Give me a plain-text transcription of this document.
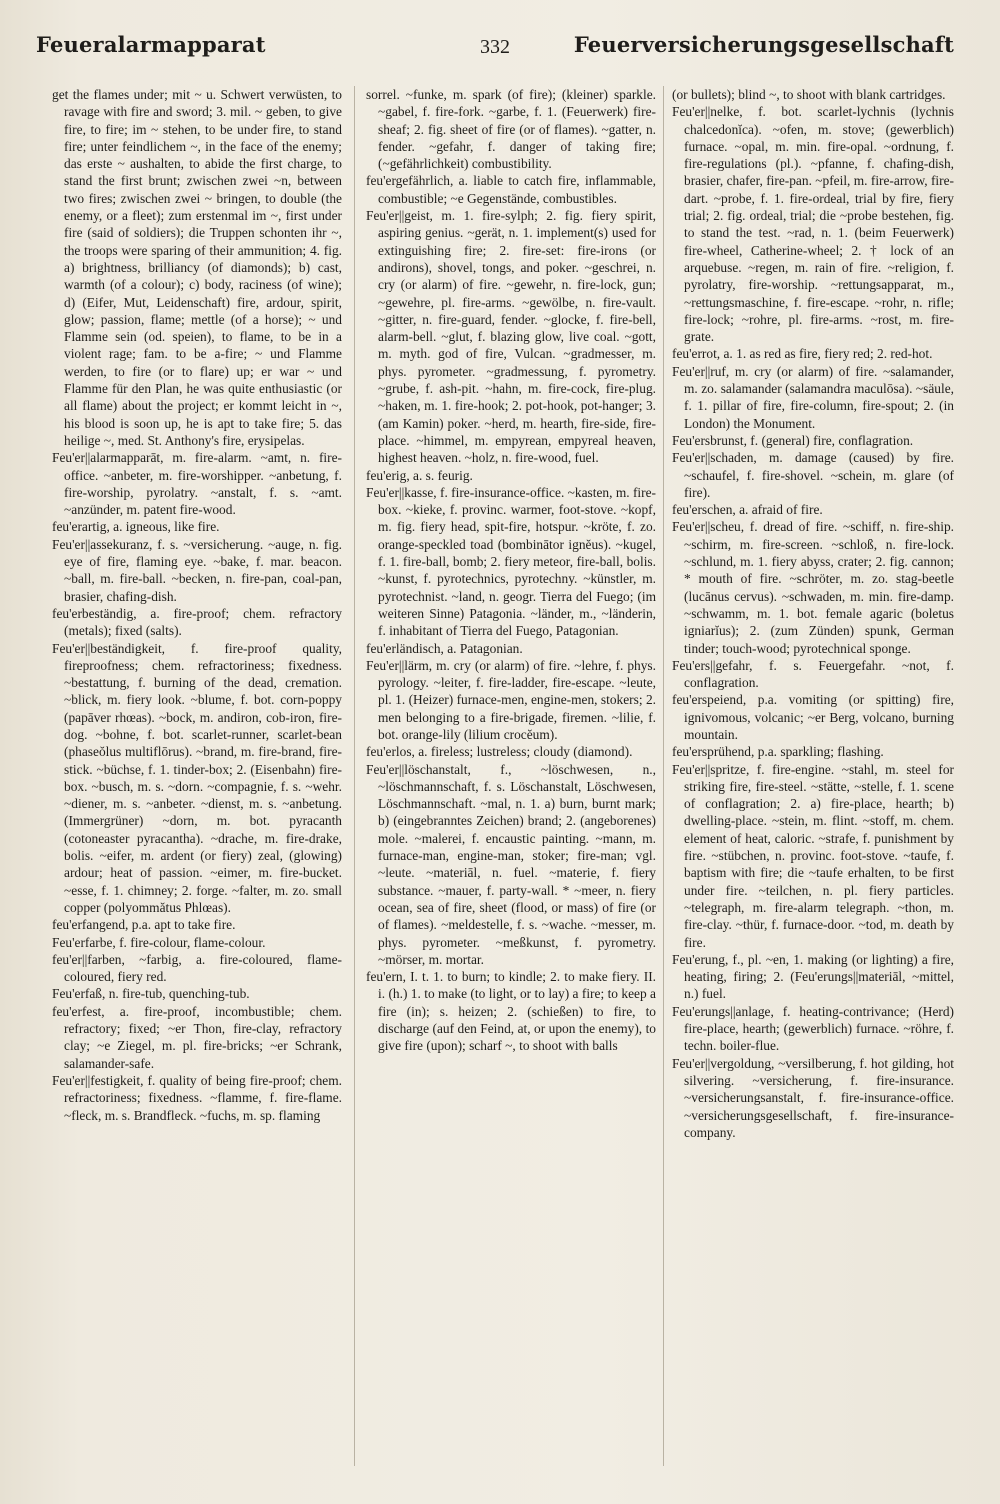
Feueralarmapparat	332	Feuerversicherungsgesellschaft

get the flames under; mit ~ u. Schwert verwüsten, to ravage with fire and sword; 3. mil. ~ geben, to give fire, to fire; im ~ stehen, to be under fire, to stand fire; unter feindlichem ~, in the face of the enemy; das erste ~ aushalten, to abide the first charge, to stand the first brunt; zwischen zwei ~n, between two fires; zwischen zwei ~ bringen, to double (the enemy, or a fleet); zum erstenmal im ~, first under fire (said of soldiers); die Truppen schonten ihr ~, the troops were sparing of their ammunition; 4. fig. a) brightness, brilliancy (of diamonds); b) cast, warmth (of a colour); c) body, raciness (of wine); d) (Eifer, Mut, Leidenschaft) fire, ardour, spirit, glow; passion, flame; mettle (of a horse); ~ und Flamme sein (od. speien), to flame, to be in a violent rage; fam. to be a-fire; ~ und Flamme werden, to fire (or to flare) up; er war ~ und Flamme für den Plan, he was quite enthusiastic (or all flame) about the project; er kommt leicht in ~, his blood is soon up, he is apt to take fire; 5. das heilige ~, med. St. Anthony's fire, erysipelas.

Feu'er||alarmapparāt, m. fire-alarm. ~amt, n. fire-office. ~anbeter, m. fire-worshipper. ~anbetung, f. fire-worship, pyrolatry. ~anstalt, f. s. ~amt. ~anzünder, m. patent fire-wood.

feu'erartig, a. igneous, like fire.

Feu'er||assekuranz, f. s. ~versicherung. ~auge, n. fig. eye of fire, flaming eye. ~bake, f. mar. beacon. ~ball, m. fire-ball. ~becken, n. fire-pan, coal-pan, brasier, chafing-dish.

feu'erbeständig, a. fire-proof; chem. refractory (metals); fixed (salts).

Feu'er||beständigkeit, f. fire-proof quality, fireproofness; chem. refractoriness; fixedness. ~bestattung, f. burning of the dead, cremation. ~blick, m. fiery look. ~blume, f. bot. corn-poppy (papāver rhœas). ~bock, m. andiron, cob-iron, fire-dog. ~bohne, f. bot. scarlet-runner, scarlet-bean (phaseŏlus multiflōrus). ~brand, m. fire-brand, fire-stick. ~büchse, f. 1. tinder-box; 2. (Eisenbahn) fire-box. ~busch, m. s. ~dorn. ~compagnie, f. s. ~wehr. ~diener, m. s. ~anbeter. ~dienst, m. s. ~anbetung. (Immergrüner) ~dorn, m. bot. pyracanth (cotoneaster pyracantha). ~drache, m. fire-drake, bolis. ~eifer, m. ardent (or fiery) zeal, (glowing) ardour; heat of passion. ~eimer, m. fire-bucket. ~esse, f. 1. chimney; 2. forge. ~falter, m. zo. small copper (polyommătus Phlœas).

feu'erfangend, p.a. apt to take fire.

Feu'erfarbe, f. fire-colour, flame-colour.

feu'er||farben, ~farbig, a. fire-coloured, flame-coloured, fiery red.

Feu'erfaß, n. fire-tub, quenching-tub.

feu'erfest, a. fire-proof, incombustible; chem. refractory; fixed; ~er Thon, fire-clay, refractory clay; ~e Ziegel, m. pl. fire-bricks; ~er Schrank, salamander-safe.

Feu'er||festigkeit, f. quality of being fire-proof; chem. refractoriness; fixedness. ~flamme, f. fire-flame. ~fleck, m. s. Brandfleck. ~fuchs, m. sp. flaming

sorrel. ~funke, m. spark (of fire); (kleiner) sparkle. ~gabel, f. fire-fork. ~garbe, f. 1. (Feuerwerk) fire-sheaf; 2. fig. sheet of fire (or of flames). ~gatter, n. fender. ~gefahr, f. danger of taking fire; (~gefährlichkeit) combustibility.

feu'ergefährlich, a. liable to catch fire, inflammable, combustible; ~e Gegenstände, combustibles.

Feu'er||geist, m. 1. fire-sylph; 2. fig. fiery spirit, aspiring genius. ~gerät, n. 1. implement(s) used for extinguishing fire; 2. fire-set: fire-irons (or andirons), shovel, tongs, and poker. ~geschrei, n. cry (or alarm) of fire. ~gewehr, n. fire-lock, gun; ~gewehre, pl. fire-arms. ~gewölbe, n. fire-vault. ~gitter, n. fire-guard, fender. ~glocke, f. fire-bell, alarm-bell. ~glut, f. blazing glow, live coal. ~gott, m. myth. god of fire, Vulcan. ~gradmesser, m. phys. pyrometer. ~gradmessung, f. pyrometry. ~grube, f. ash-pit. ~hahn, m. fire-cock, fire-plug. ~haken, m. 1. fire-hook; 2. pot-hook, pot-hanger; 3. (am Kamin) poker. ~herd, m. hearth, fire-side, fire-place. ~himmel, m. empyrean, empyreal heaven, highest heaven. ~holz, n. fire-wood, fuel.

feu'erig, a. s. feurig.

Feu'er||kasse, f. fire-insurance-office. ~kasten, m. fire-box. ~kieke, f. provinc. warmer, foot-stove. ~kopf, m. fig. fiery head, spit-fire, hotspur. ~kröte, f. zo. orange-speckled toad (bombinātor ignĕus). ~kugel, f. 1. fire-ball, bomb; 2. fiery meteor, fire-ball, bolis. ~kunst, f. pyrotechnics, pyrotechny. ~künstler, m. pyrotechnist. ~land, n. geogr. Tierra del Fuego; (im weiteren Sinne) Patagonia. ~länder, m., ~länderin, f. inhabitant of Tierra del Fuego, Patagonian.

feu'erländisch, a. Patagonian.

Feu'er||lärm, m. cry (or alarm) of fire. ~lehre, f. phys. pyrology. ~leiter, f. fire-ladder, fire-escape. ~leute, pl. 1. (Heizer) furnace-men, engine-men, stokers; 2. men belonging to a fire-brigade, firemen. ~lilie, f. bot. orange-lily (lilium crocĕum).

feu'erlos, a. fireless; lustreless; cloudy (diamond).

Feu'er||löschanstalt, f., ~löschwesen, n., ~löschmannschaft, f. s. Löschanstalt, Löschwesen, Löschmannschaft. ~mal, n. 1. a) burn, burnt mark; b) (eingebranntes Zeichen) brand; 2. (angeborenes) mole. ~malerei, f. encaustic painting. ~mann, m. furnace-man, engine-man, stoker; fire-man; vgl. ~leute. ~materiāl, n. fuel. ~materie, f. fiery substance. ~mauer, f. party-wall. * ~meer, n. fiery ocean, sea of fire, sheet (flood, or mass) of fire (or of flames). ~meldestelle, f. s. ~wache. ~messer, m. phys. pyrometer. ~meßkunst, f. pyrometry. ~mörser, m. mortar.

feu'ern, I. t. 1. to burn; to kindle; 2. to make fiery. II. i. (h.) 1. to make (to light, or to lay) a fire; to keep a fire (in); s. heizen; 2. (schießen) to fire, to discharge (auf den Feind, at, or upon the enemy), to give fire (upon); scharf ~, to shoot with balls

(or bullets); blind ~, to shoot with blank cartridges.

Feu'er||nelke, f. bot. scarlet-lychnis (lychnis chalcedonĭca). ~ofen, m. stove; (gewerblich) furnace. ~opal, m. min. fire-opal. ~ordnung, f. fire-regulations (pl.). ~pfanne, f. chafing-dish, brasier, chafer, fire-pan. ~pfeil, m. fire-arrow, fire-dart. ~probe, f. 1. fire-ordeal, trial by fire, fiery trial; 2. fig. ordeal, trial; die ~probe bestehen, fig. to stand the test. ~rad, n. 1. (beim Feuerwerk) fire-wheel, Catherine-wheel; 2. † lock of an arquebuse. ~regen, m. rain of fire. ~religion, f. pyrolatry, fire-worship. ~rettungsapparat, m., ~rettungsmaschine, f. fire-escape. ~rohr, n. rifle; fire-lock; ~rohre, pl. fire-arms. ~rost, m. fire-grate.

feu'errot, a. 1. as red as fire, fiery red; 2. red-hot.

Feu'er||ruf, m. cry (or alarm) of fire. ~salamander, m. zo. salamander (salamandra maculōsa). ~säule, f. 1. pillar of fire, fire-column, fire-spout; 2. (in London) the Monument.

Feu'ersbrunst, f. (general) fire, conflagration.

Feu'er||schaden, m. damage (caused) by fire. ~schaufel, f. fire-shovel. ~schein, m. glare (of fire).

feu'erschen, a. afraid of fire.

Feu'er||scheu, f. dread of fire. ~schiff, n. fire-ship. ~schirm, m. fire-screen. ~schloß, n. fire-lock. ~schlund, m. 1. fiery abyss, crater; 2. fig. cannon; * mouth of fire. ~schröter, m. zo. stag-beetle (lucānus cervus). ~schwaden, m. min. fire-damp. ~schwamm, m. 1. bot. female agaric (boletus igniarĭus); 2. (zum Zünden) spunk, German tinder; touch-wood; pyrotechnical sponge.

Feu'ers||gefahr, f. s. Feuergefahr. ~not, f. conflagration.

feu'erspeiend, p.a. vomiting (or spitting) fire, ignivomous, volcanic; ~er Berg, volcano, burning mountain.

feu'ersprühend, p.a. sparkling; flashing.

Feu'er||spritze, f. fire-engine. ~stahl, m. steel for striking fire, fire-steel. ~stätte, ~stelle, f. 1. scene of conflagration; 2. a) fire-place, hearth; b) dwelling-place. ~stein, m. flint. ~stoff, m. chem. element of heat, caloric. ~strafe, f. punishment by fire. ~stübchen, n. provinc. foot-stove. ~taufe, f. baptism with fire; die ~taufe erhalten, to be first under fire. ~teilchen, n. pl. fiery particles. ~telegraph, m. fire-alarm telegraph. ~thon, m. fire-clay. ~thür, f. furnace-door. ~tod, m. death by fire.

Feu'erung, f., pl. ~en, 1. making (or lighting) a fire, heating, firing; 2. (Feu'erungs||materiāl, ~mittel, n.) fuel.

Feu'erungs||anlage, f. heating-contrivance; (Herd) fire-place, hearth; (gewerblich) furnace. ~röhre, f. techn. boiler-flue.

Feu'er||vergoldung, ~versilberung, f. hot gilding, hot silvering. ~versicherung, f. fire-insurance. ~versicherungsanstalt, f. fire-insurance-office. ~versicherungsgesellschaft, f. fire-insurance-company.
